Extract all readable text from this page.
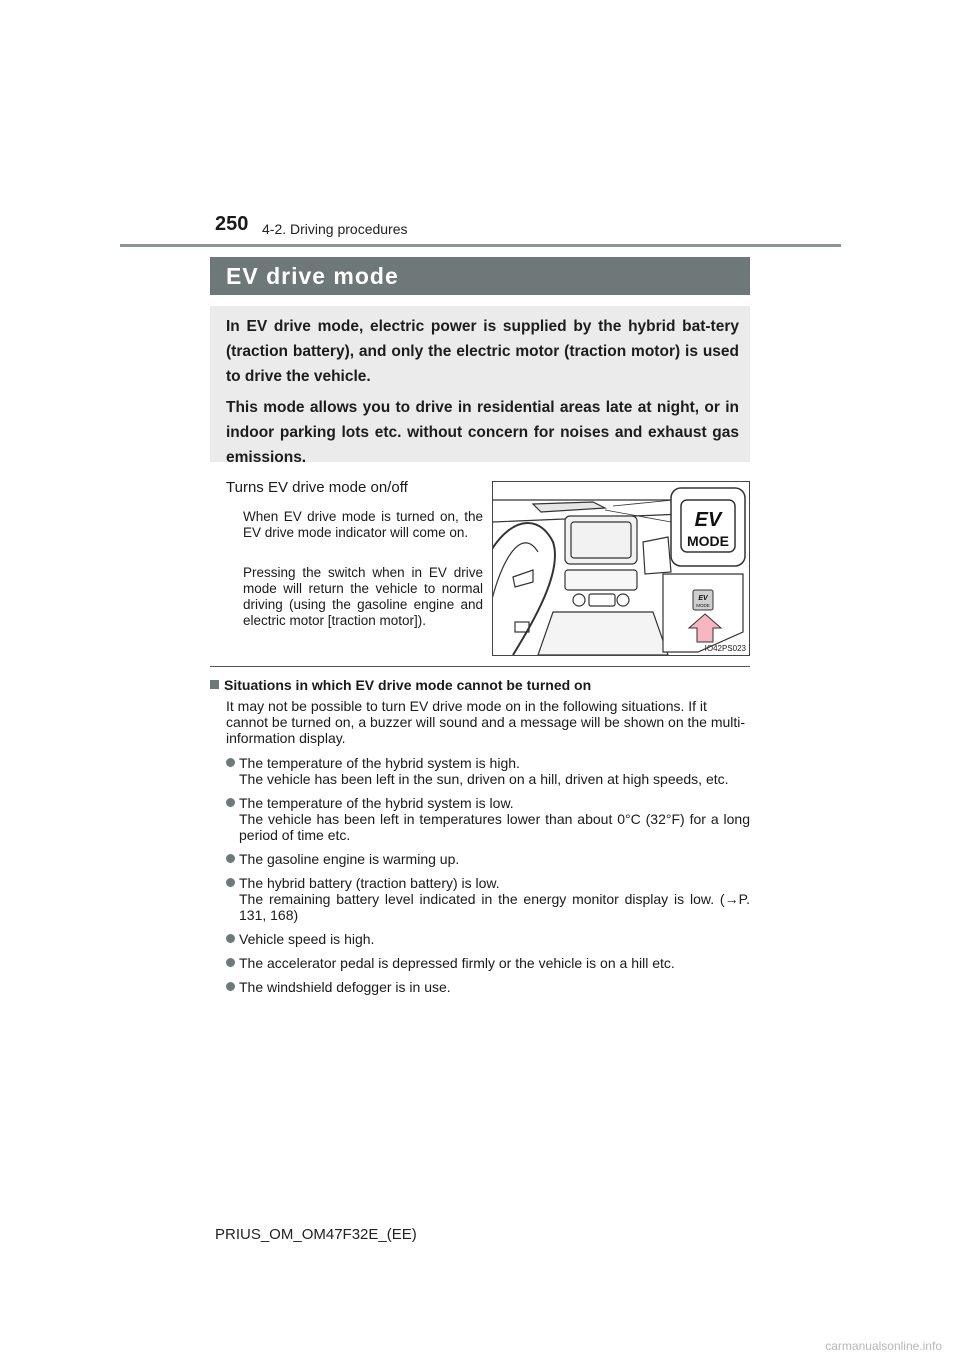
250 4-2. Driving procedures
EV drive mode

In EV drive mode, electric power is supplied by the hybrid bat-tery (traction battery), and only the electric motor (traction motor) is used to drive the vehicle.

This mode allows you to drive in residential areas late at night, or in indoor parking lots etc. without concern for noises and exhaust gas emissions.

Turns EV drive mode on/off

When EV drive mode is turned on, the EV drive mode indicator will come on.

Pressing the switch when in EV drive mode will return the vehicle to normal driving (using the gasoline engine and electric motor [traction motor]).

EV
MODE
EV
MODE
IO42PS023
Situations in which EV drive mode cannot be turned on

It may not be possible to turn EV drive mode on in the following situations. If it cannot be turned on, a buzzer will sound and a message will be shown on the multi-information display.

The temperature of the hybrid system is high.
The vehicle has been left in the sun, driven on a hill, driven at high speeds, etc.
The temperature of the hybrid system is low.
The vehicle has been left in temperatures lower than about 0°C (32°F) for a long period of time etc.
The gasoline engine is warming up.
The hybrid battery (traction battery) is low.
The remaining battery level indicated in the energy monitor display is low. (→P. 131, 168)
Vehicle speed is high.
The accelerator pedal is depressed firmly or the vehicle is on a hill etc.
The windshield defogger is in use.
PRIUS_OM_OM47F32E_(EE)
carmanualsonline.info
